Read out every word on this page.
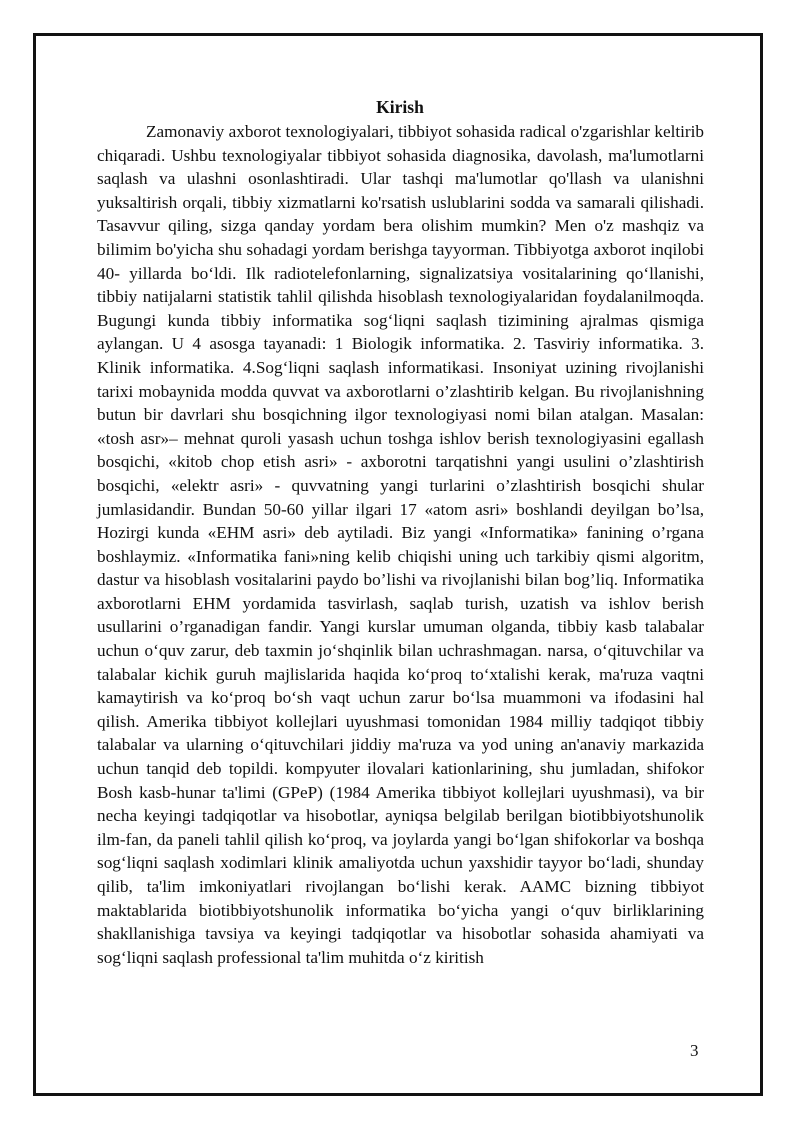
Kirish

Zamonaviy axborot texnologiyalari, tibbiyot sohasida radical o'zgarishlar keltirib chiqaradi. Ushbu texnologiyalar tibbiyot sohasida diagnosika, davolash, ma'lumotlarni saqlash va ulashni osonlashtiradi. Ular tashqi ma'lumotlar qo'llash va ulanishni yuksaltirish orqali, tibbiy xizmatlarni ko'rsatish uslublarini sodda va samarali qilishadi. Tasavvur qiling, sizga qanday yordam bera olishim mumkin? Men o'z mashqiz va bilimim bo'yicha shu sohadagi yordam berishga tayyorman. Tibbiyotga axborot inqilobi 40- yillarda bo‘ldi. Ilk radiotelefonlarning, signalizatsiya vositalarining qo‘llanishi, tibbiy natijalarni statistik tahlil qilishda hisoblash texnologiyalaridan foydalanilmoqda. Bugungi kunda tibbiy informatika sog‘liqni saqlash tizimining ajralmas qismiga aylangan. U 4 asosga tayanadi: 1 Biologik informatika. 2. Tasviriy informatika. 3. Klinik informatika. 4.Sog‘liqni saqlash informatikasi. Insoniyat uzining rivojlanishi tarixi mobaynida modda quvvat va axborotlarni o’zlashtirib kelgan. Bu rivojlanishning butun bir davrlari shu bosqichning ilgor texnologiyasi nomi bilan atalgan. Masalan: «tosh asr»– mehnat quroli yasash uchun toshga ishlov berish texnologiyasini egallash bosqichi, «kitob chop etish asri» - axborotni tarqatishni yangi usulini o’zlashtirish bosqichi, «elektr asri» - quvvatning yangi turlarini o’zlashtirish bosqichi shular jumlasidandir. Bundan 50-60 yillar ilgari 17 «atom asri» boshlandi deyilgan bo’lsa, Hozirgi kunda «EHM asri» deb aytiladi. Biz yangi «Informatika» fanining o’rgana boshlaymiz. «Informatika fani»ning kelib chiqishi uning uch tarkibiy qismi algoritm, dastur va hisoblash vositalarini paydo bo’lishi va rivojlanishi bilan bog’liq. Informatika axborotlarni EHM yordamida tasvirlash, saqlab turish, uzatish va ishlov berish usullarini o’rganadigan fandir. Yangi kurslar umuman olganda, tibbiy kasb talabalar uchun o‘quv zarur, deb taxmin jo‘shqinlik bilan uchrashmagan. narsa, o‘qituvchilar va talabalar kichik guruh majlislarida haqida ko‘proq to‘xtalishi kerak, ma'ruza vaqtni kamaytirish va ko‘proq bo‘sh vaqt uchun zarur bo‘lsa muammoni va ifodasini hal qilish. Amerika tibbiyot kollejlari uyushmasi tomonidan 1984 milliy tadqiqot tibbiy talabalar va ularning o‘qituvchilari jiddiy ma'ruza va yod uning an'anaviy markazida uchun tanqid deb topildi. kompyuter ilovalari kationlarining, shu jumladan, shifokor Bosh kasb-hunar ta'limi (GPeP) (1984 Amerika tibbiyot kollejlari uyushmasi), va bir necha keyingi tadqiqotlar va hisobotlar, ayniqsa belgilab berilgan biotibbiyotshunolik ilm-fan, da paneli tahlil qilish ko‘proq, va joylarda yangi bo‘lgan shifokorlar va boshqa sog‘liqni saqlash xodimlari klinik amaliyotda uchun yaxshidir tayyor bo‘ladi, shunday qilib, ta'lim imkoniyatlari rivojlangan bo‘lishi kerak. AAMC bizning tibbiyot maktablarida biotibbiyotshunolik informatika bo‘yicha yangi o‘quv birliklarining shakllanishiga tavsiya va keyingi tadqiqotlar va hisobotlar sohasida ahamiyati va sog‘liqni saqlash professional ta'lim muhitda o‘z kiritish

3
